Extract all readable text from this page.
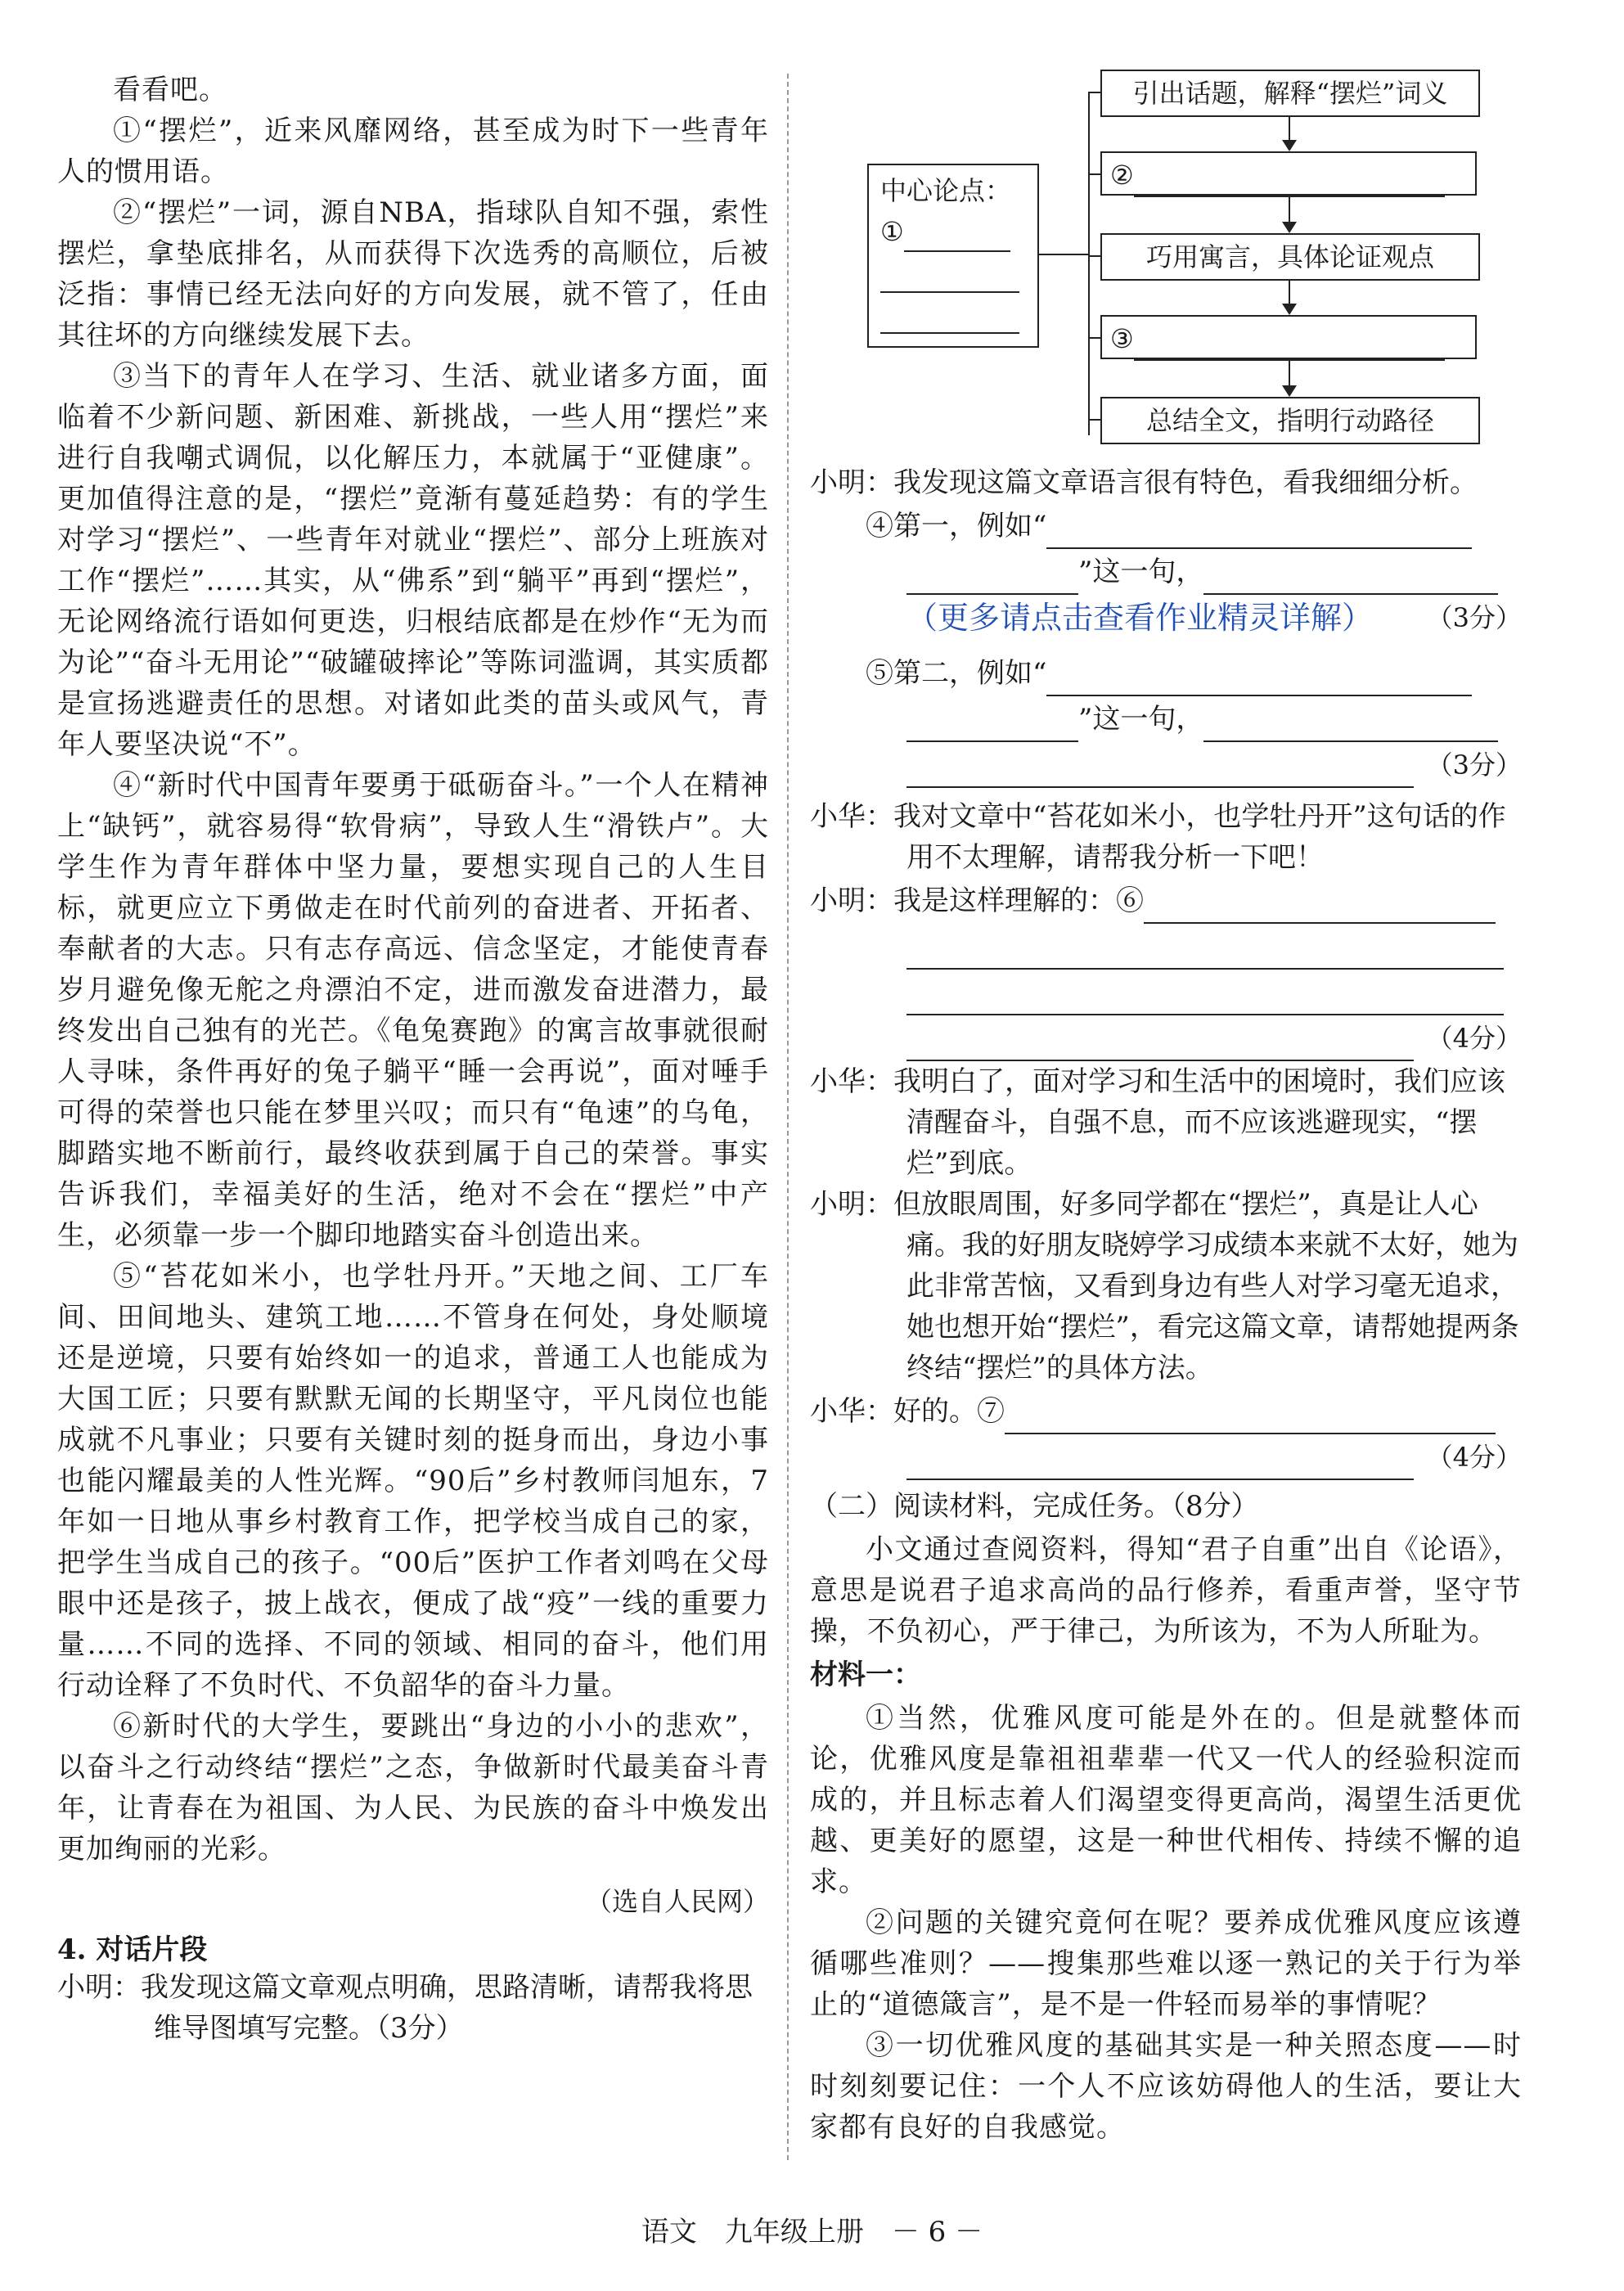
看看吧。

①“摆烂”，近来风靡网络，甚至成为时下一些青年人的惯用语。

②“摆烂”一词，源自NBA，指球队自知不强，索性摆烂，拿垫底排名，从而获得下次选秀的高顺位，后被泛指：事情已经无法向好的方向发展，就不管了，任由其往坏的方向继续发展下去。

③当下的青年人在学习、生活、就业诸多方面，面临着不少新问题、新困难、新挑战，一些人用“摆烂”来进行自我嘲式调侃，以化解压力，本就属于“亚健康”。更加值得注意的是，“摆烂”竟渐有蔓延趋势：有的学生对学习“摆烂”、一些青年对就业“摆烂”、部分上班族对工作“摆烂”……其实，从“佛系”到“躺平”再到“摆烂”，无论网络流行语如何更迭，归根结底都是在炒作“无为而为论”“奋斗无用论”“破罐破摔论”等陈词滥调，其实质都是宣扬逃避责任的思想。对诸如此类的苗头或风气，青年人要坚决说“不”。

④“新时代中国青年要勇于砥砺奋斗。”一个人在精神上“缺钙”，就容易得“软骨病”，导致人生“滑铁卢”。大学生作为青年群体中坚力量，要想实现自己的人生目标，就更应立下勇做走在时代前列的奋进者、开拓者、奉献者的大志。只有志存高远、信念坚定，才能使青春岁月避免像无舵之舟漂泊不定，进而激发奋进潜力，最终发出自己独有的光芒。《龟兔赛跑》的寓言故事就很耐人寻味，条件再好的兔子躺平“睡一会再说”，面对唾手可得的荣誉也只能在梦里兴叹；而只有“龟速”的乌龟，脚踏实地不断前行，最终收获到属于自己的荣誉。事实告诉我们，幸福美好的生活，绝对不会在“摆烂”中产生，必须靠一步一个脚印地踏实奋斗创造出来。

⑤“苔花如米小，也学牡丹开。”天地之间、工厂车间、田间地头、建筑工地……不管身在何处，身处顺境还是逆境，只要有始终如一的追求，普通工人也能成为大国工匠；只要有默默无闻的长期坚守，平凡岗位也能成就不凡事业；只要有关键时刻的挺身而出，身边小事也能闪耀最美的人性光辉。“90后”乡村教师闫旭东，7年如一日地从事乡村教育工作，把学校当成自己的家，把学生当成自己的孩子。“00后”医护工作者刘鸣在父母眼中还是孩子，披上战衣，便成了战“疫”一线的重要力量……不同的选择、不同的领域、相同的奋斗，他们用行动诠释了不负时代、不负韶华的奋斗力量。

⑥新时代的大学生，要跳出“身边的小小的悲欢”，以奋斗之行动终结“摆烂”之态，争做新时代最美奋斗青年，让青春在为祖国、为人民、为民族的奋斗中焕发出更加绚丽的光彩。

（选自人民网）
4. 对话片段

小明：我发现这篇文章观点明确，思路清晰，请帮我将思维导图填写完整。（3分）

中心论点：
①
引出话题，解释“摆烂”词义
②
巧用寓言，具体论证观点
③
总结全文，指明行动路径

小明：我发现这篇文章语言很有特色，看我细细分析。

④第一，例如“
”这一句，
（更多请点击查看作业精灵详解） （3分）
⑤第二，例如“
”这一句，
（3分）

小华：我对文章中“苔花如米小，也学牡丹开”这句话的作用不太理解，请帮我分析一下吧！

小明：我是这样理解的：⑥
（4分）

小华：我明白了，面对学习和生活中的困境时，我们应该清醒奋斗，自强不息，而不应该逃避现实，“摆烂”到底。

小明：但放眼周围，好多同学都在“摆烂”，真是让人心痛。我的好朋友晓婷学习成绩本来就不太好，她为此非常苦恼，又看到身边有些人对学习毫无追求，她也想开始“摆烂”，看完这篇文章，请帮她提两条终结“摆烂”的具体方法。

小华：好的。⑦
（4分）
（二）阅读材料，完成任务。（8分）

小文通过查阅资料，得知“君子自重”出自《论语》，意思是说君子追求高尚的品行修养，看重声誉，坚守节操，不负初心，严于律己，为所该为，不为人所耻为。

材料一：

①当然，优雅风度可能是外在的。但是就整体而论，优雅风度是靠祖祖辈辈一代又一代人的经验积淀而成的，并且标志着人们渴望变得更高尚，渴望生活更优越、更美好的愿望，这是一种世代相传、持续不懈的追求。

②问题的关键究竟何在呢？要养成优雅风度应该遵循哪些准则？——搜集那些难以逐一熟记的关于行为举止的“道德箴言”，是不是一件轻而易举的事情呢？

③一切优雅风度的基础其实是一种关照态度——时时刻刻要记住：一个人不应该妨碍他人的生活，要让大家都有良好的自我感觉。

语文　九年级上册　－ 6 －
